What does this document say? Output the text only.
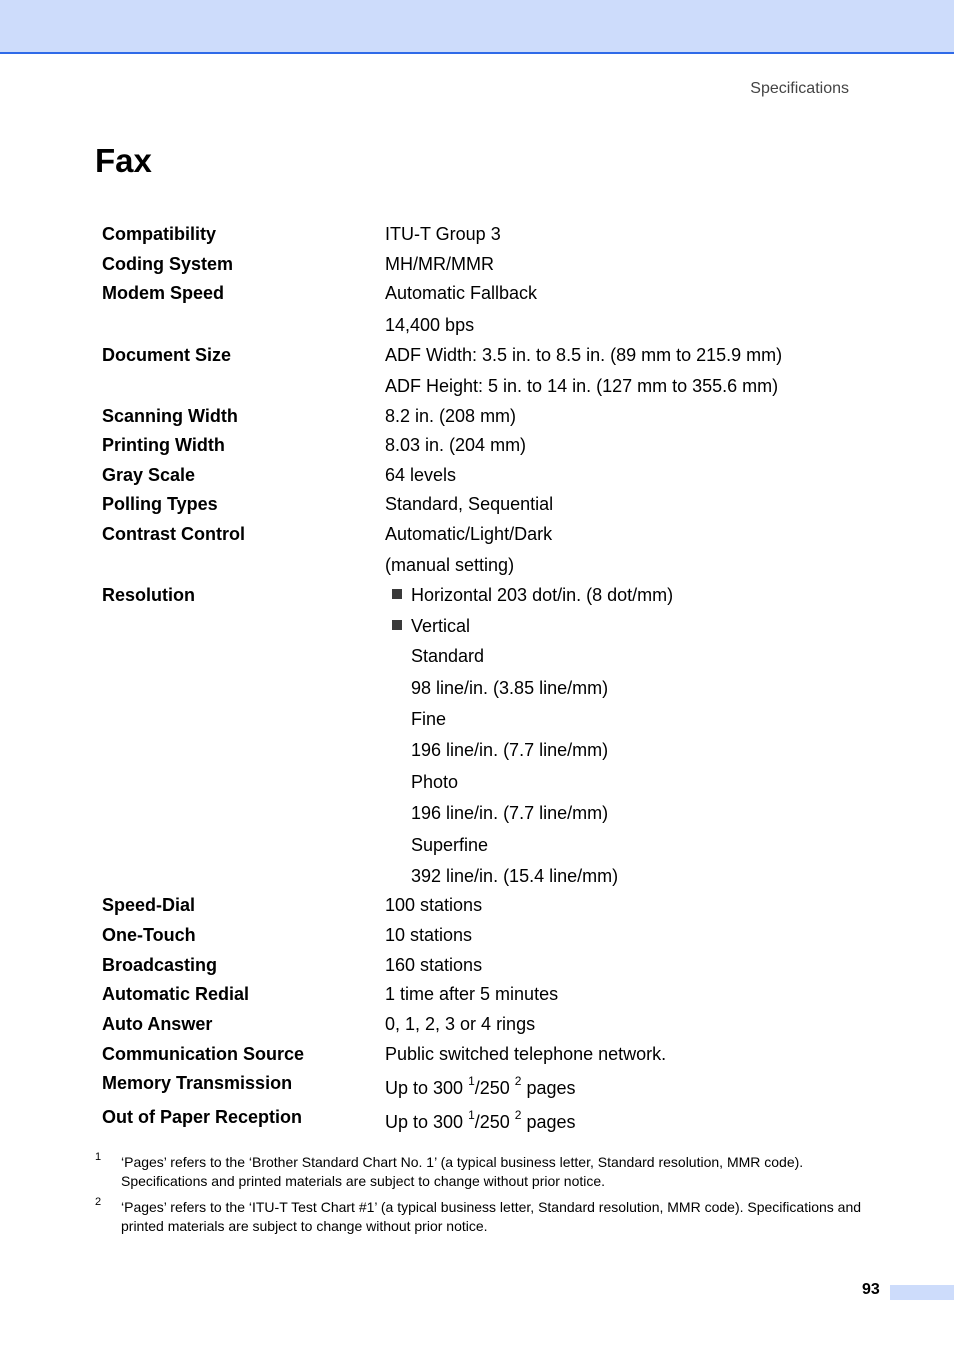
Specifications
Fax
Compatibility	ITU-T Group 3
Coding System	MH/MR/MMR
Modem Speed	Automatic Fallback
14,400 bps
Document Size	ADF Width: 3.5 in. to 8.5 in. (89 mm to 215.9 mm)
ADF Height: 5 in. to 14 in. (127 mm to 355.6 mm)
Scanning Width	8.2 in. (208 mm)
Printing Width	8.03 in. (204 mm)
Gray Scale	64 levels
Polling Types	Standard, Sequential
Contrast Control	Automatic/Light/Dark
(manual setting)
Resolution	Horizontal 203 dot/in. (8 dot/mm)
Vertical
Standard
98 line/in. (3.85 line/mm)
Fine
196 line/in. (7.7 line/mm)
Photo
196 line/in. (7.7 line/mm)
Superfine
392 line/in. (15.4 line/mm)
Speed-Dial	100 stations
One-Touch	10 stations
Broadcasting	160 stations
Automatic Redial	1 time after 5 minutes
Auto Answer	0, 1, 2, 3 or 4 rings
Communication Source	Public switched telephone network.
Memory Transmission	Up to 300 $^1$/250 $^2$ pages
Out of Paper Reception	Up to 300 $^1$/250 $^2$ pages
1 ‘Pages’ refers to the ‘Brother Standard Chart No. 1’ (a typical business letter, Standard resolution, MMR code). Specifications and printed materials are subject to change without prior notice.
2 ‘Pages’ refers to the ‘ITU-T Test Chart #1’ (a typical business letter, Standard resolution, MMR code). Specifications and printed materials are subject to change without prior notice.
93
